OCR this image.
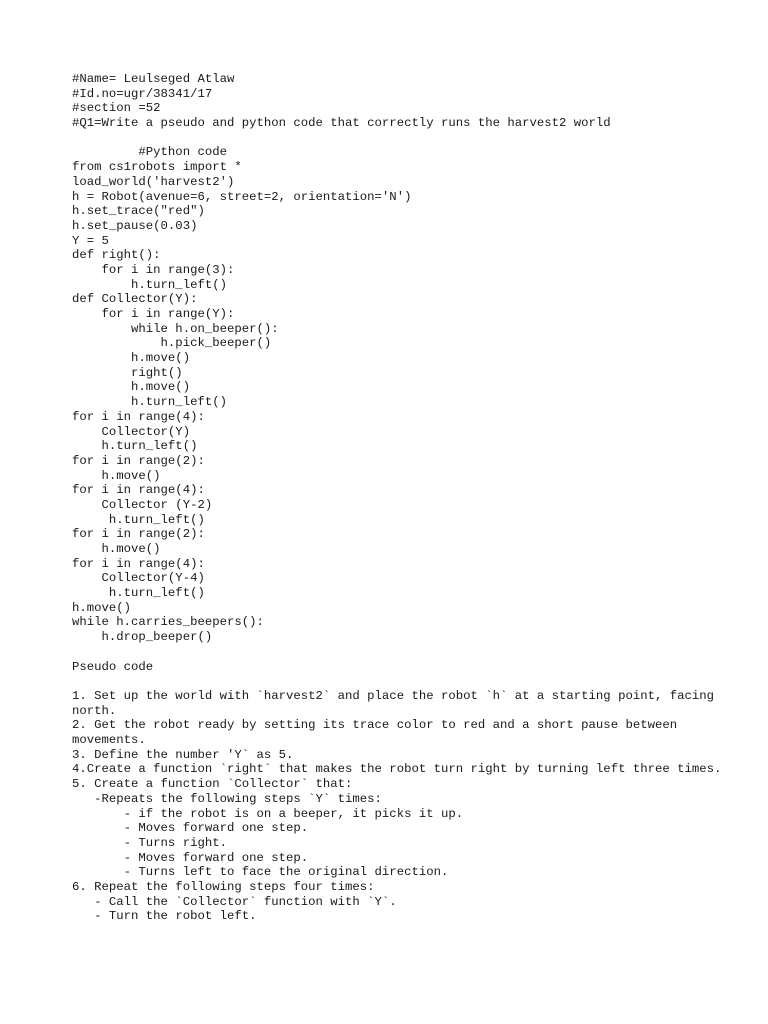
#Name= Leulseged Atlaw
#Id.no=ugr/38341/17
#section =52
#Q1=Write a pseudo and python code that correctly runs the harvest2 world
#Python code
from cs1robots import *
load_world('harvest2')
h = Robot(avenue=6, street=2, orientation='N')
h.set_trace("red")
h.set_pause(0.03)
Y = 5
def right():
for i in range(3):
h.turn_left()
def Collector(Y):
for i in range(Y):
while h.on_beeper():
h.pick_beeper()
h.move()
right()
h.move()
h.turn_left()
for i in range(4):
Collector(Y)
h.turn_left()
for i in range(2):
h.move()
for i in range(4):
Collector (Y-2)
h.turn_left()
for i in range(2):
h.move()
for i in range(4):
Collector(Y-4)
h.turn_left()
h.move()
while h.carries_beepers():
h.drop_beeper()
Pseudo code
1. Set up the world with `harvest2` and place the robot `h` at a starting point, facing north.
2. Get the robot ready by setting its trace color to red and a short pause between movements.
3. Define the number 'Y` as 5.
4.Create a function `right` that makes the robot turn right by turning left three times.
5. Create a function `Collector` that:
-Repeats the following steps `Y` times:
- if the robot is on a beeper, it picks it up.
- Moves forward one step.
- Turns right.
- Moves forward one step.
- Turns left to face the original direction.
6. Repeat the following steps four times:
- Call the `Collector` function with `Y`.
- Turn the robot left.
